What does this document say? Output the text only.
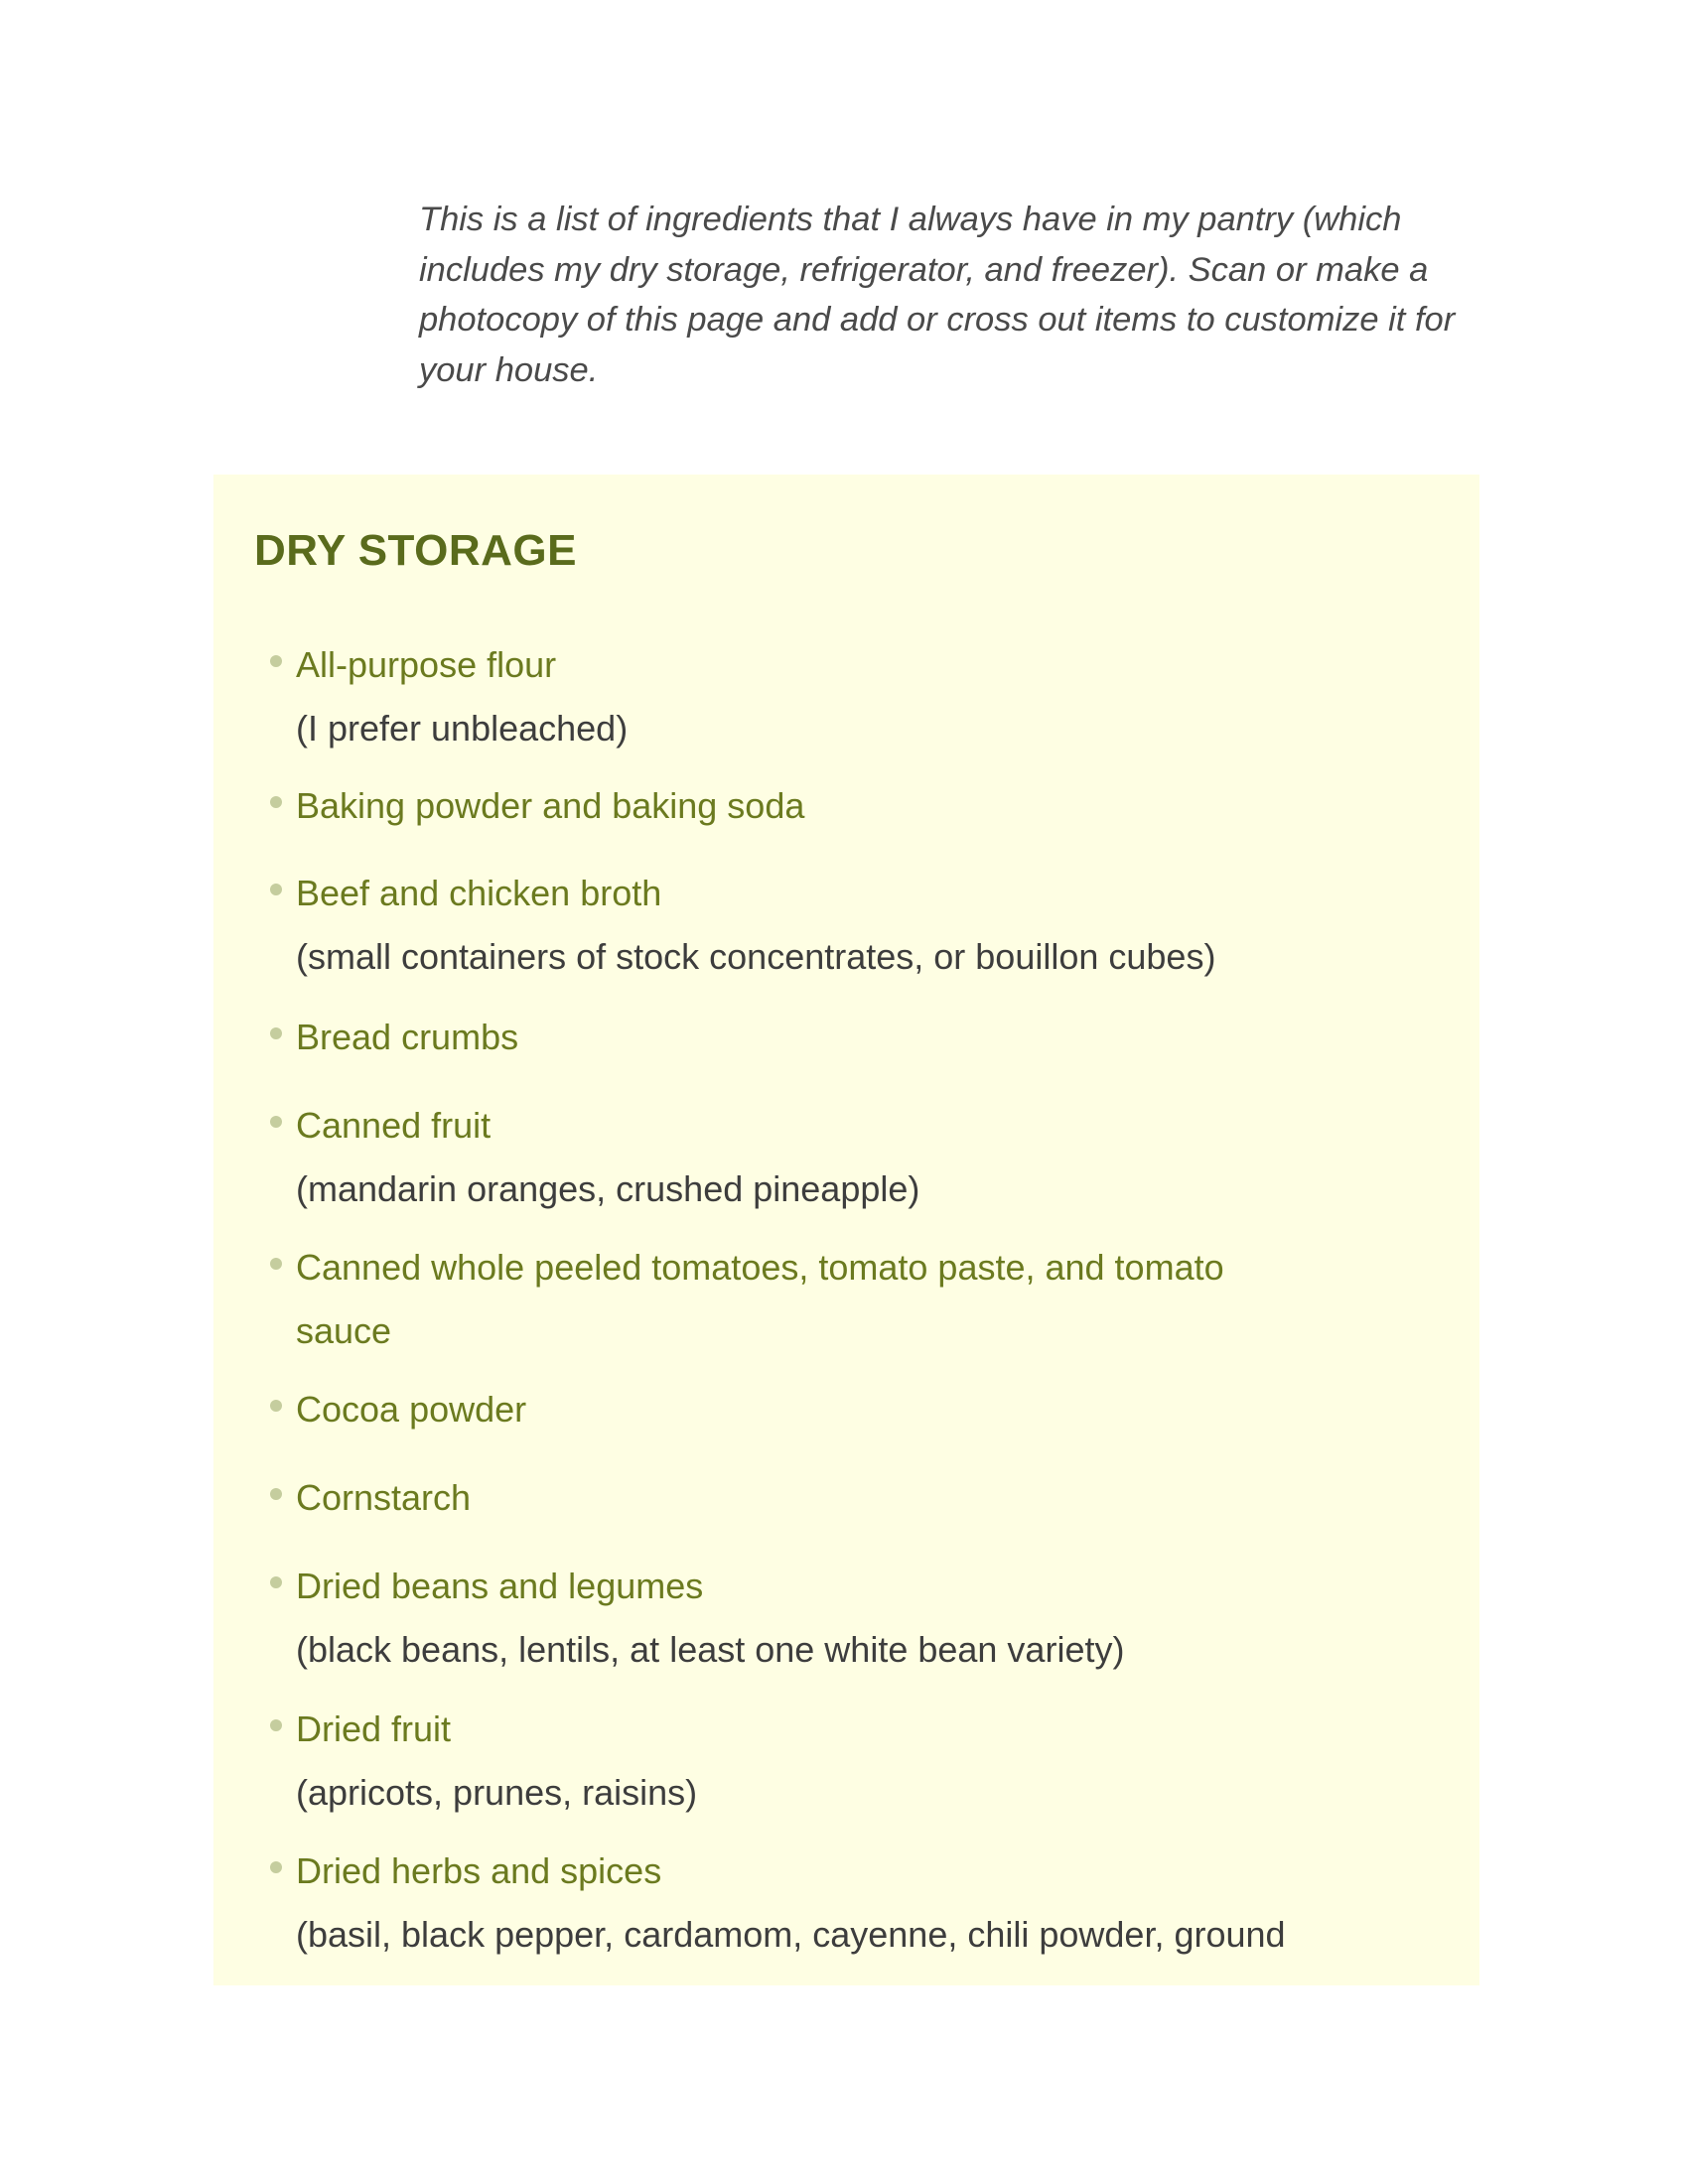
This is a list of ingredients that I always have in my pantry (which includes my dry storage, refrigerator, and freezer). Scan or make a photocopy of this page and add or cross out items to customize it for your house.

DRY STORAGE
All-purpose flour
(I prefer unbleached)
Baking powder and baking soda
Beef and chicken broth
(small containers of stock concentrates, or bouillon cubes)
Bread crumbs
Canned fruit
(mandarin oranges, crushed pineapple)
Canned whole peeled tomatoes, tomato paste, and tomato sauce
Cocoa powder
Cornstarch
Dried beans and legumes
(black beans, lentils, at least one white bean variety)
Dried fruit
(apricots, prunes, raisins)
Dried herbs and spices
(basil, black pepper, cardamom, cayenne, chili powder, ground
